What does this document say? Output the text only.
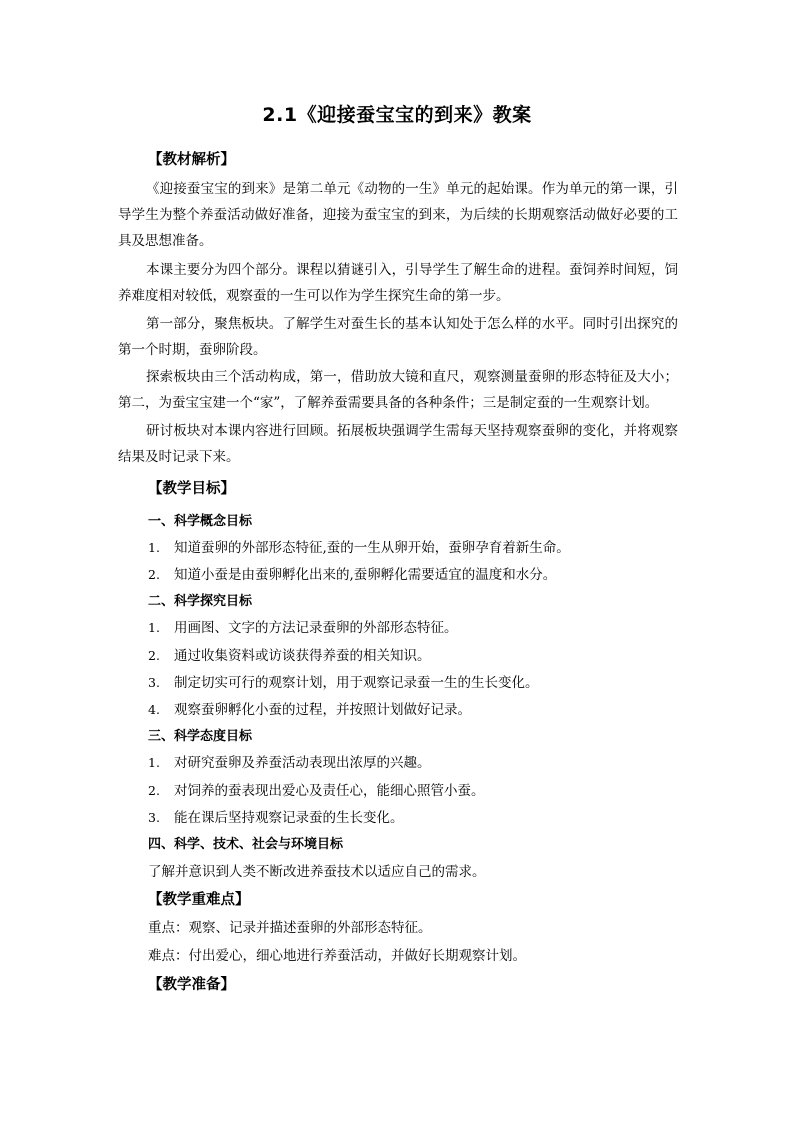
2.1《迎接蚕宝宝的到来》教案
【教材解析】

《迎接蚕宝宝的到来》是第二单元《动物的一生》单元的起始课。作为单元的第一课，引导学生为整个养蚕活动做好准备，迎接为蚕宝宝的到来，为后续的长期观察活动做好必要的工具及思想准备。

本课主要分为四个部分。课程以猜谜引入，引导学生了解生命的进程。蚕饲养时间短，饲养难度相对较低，观察蚕的一生可以作为学生探究生命的第一步。

第一部分，聚焦板块。了解学生对蚕生长的基本认知处于怎么样的水平。同时引出探究的第一个时期，蚕卵阶段。

探索板块由三个活动构成，第一，借助放大镜和直尺，观察测量蚕卵的形态特征及大小；第二，为蚕宝宝建一个“家”，了解养蚕需要具备的各种条件；三是制定蚕的一生观察计划。

研讨板块对本课内容进行回顾。拓展板块强调学生需每天坚持观察蚕卵的变化，并将观察结果及时记录下来。

【教学目标】
一、科学概念目标
1. 知道蚕卵的外部形态特征,蚕的一生从卵开始，蚕卵孕育着新生命。
2. 知道小蚕是由蚕卵孵化出来的,蚕卵孵化需要适宜的温度和水分。
二、科学探究目标
1. 用画图、文字的方法记录蚕卵的外部形态特征。
2. 通过收集资料或访谈获得养蚕的相关知识。
3. 制定切实可行的观察计划，用于观察记录蚕一生的生长变化。
4. 观察蚕卵孵化小蚕的过程，并按照计划做好记录。
三、科学态度目标
1. 对研究蚕卵及养蚕活动表现出浓厚的兴趣。
2. 对饲养的蚕表现出爱心及责任心，能细心照管小蚕。
3. 能在课后坚持观察记录蚕的生长变化。
四、科学、技术、社会与环境目标
了解并意识到人类不断改进养蚕技术以适应自己的需求。
【教学重难点】
重点：观察、记录并描述蚕卵的外部形态特征。
难点：付出爱心，细心地进行养蚕活动，并做好长期观察计划。
【教学准备】
